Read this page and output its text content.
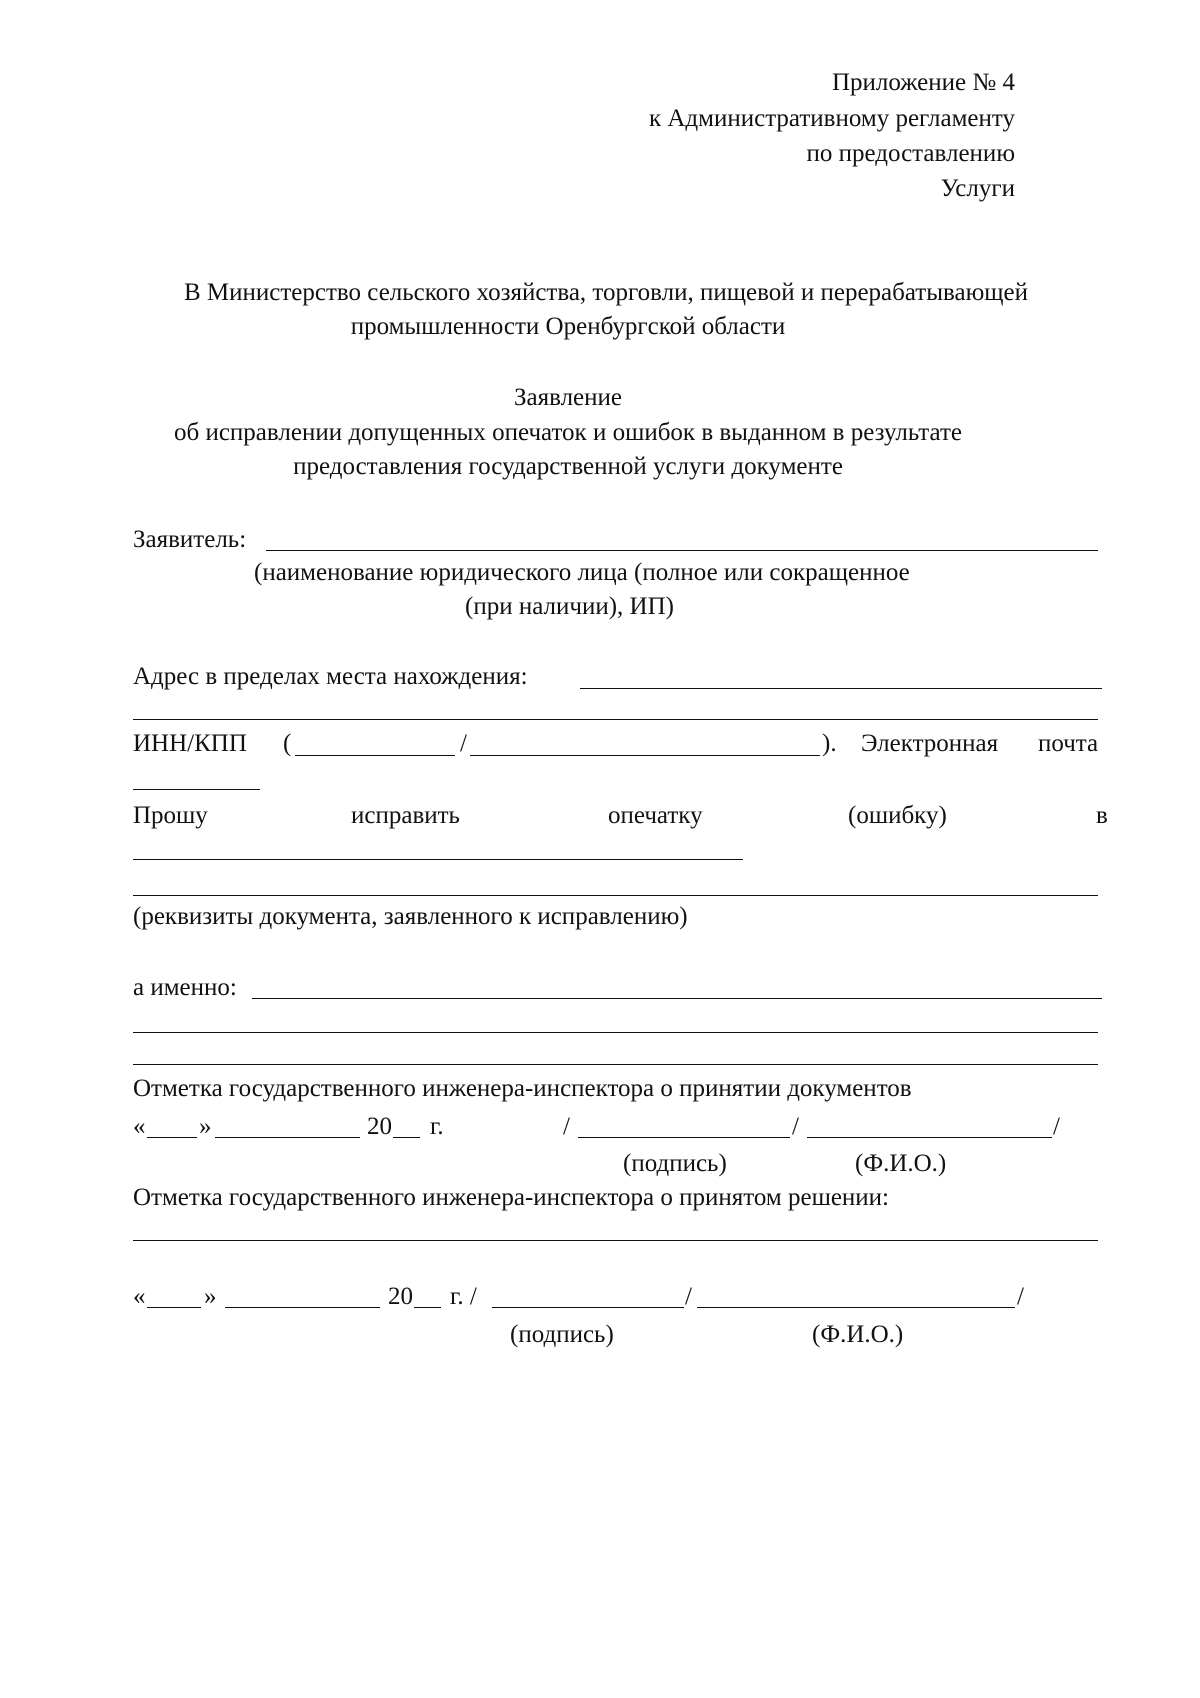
Приложение № 4
к Административному регламенту
по предоставлению
Услуги
В Министерство сельского хозяйства, торговли, пищевой и перерабатывающей
промышленности Оренбургской области
Заявление
об исправлении допущенных опечаток и ошибок в выданном в результате
предоставления государственной услуги документе
Заявитель:
(наименование юридического лица (полное или сокращенное
(при наличии), ИП)
Адрес в пределах места нахождения:
ИНН/КПП (	/	). Электронная почта
Прошу	исправить	опечатку	(ошибку)	в
(реквизиты документа, заявленного к исправлению)
а именно:
Отметка государственного инженера-инспектора о принятии документов
« »	20 г.	/	/	/
(подпись)	(Ф.И.О.)
Отметка государственного инженера-инспектора о принятом решении:
« »	20 г. /	/	/
(подпись)	(Ф.И.О.)
